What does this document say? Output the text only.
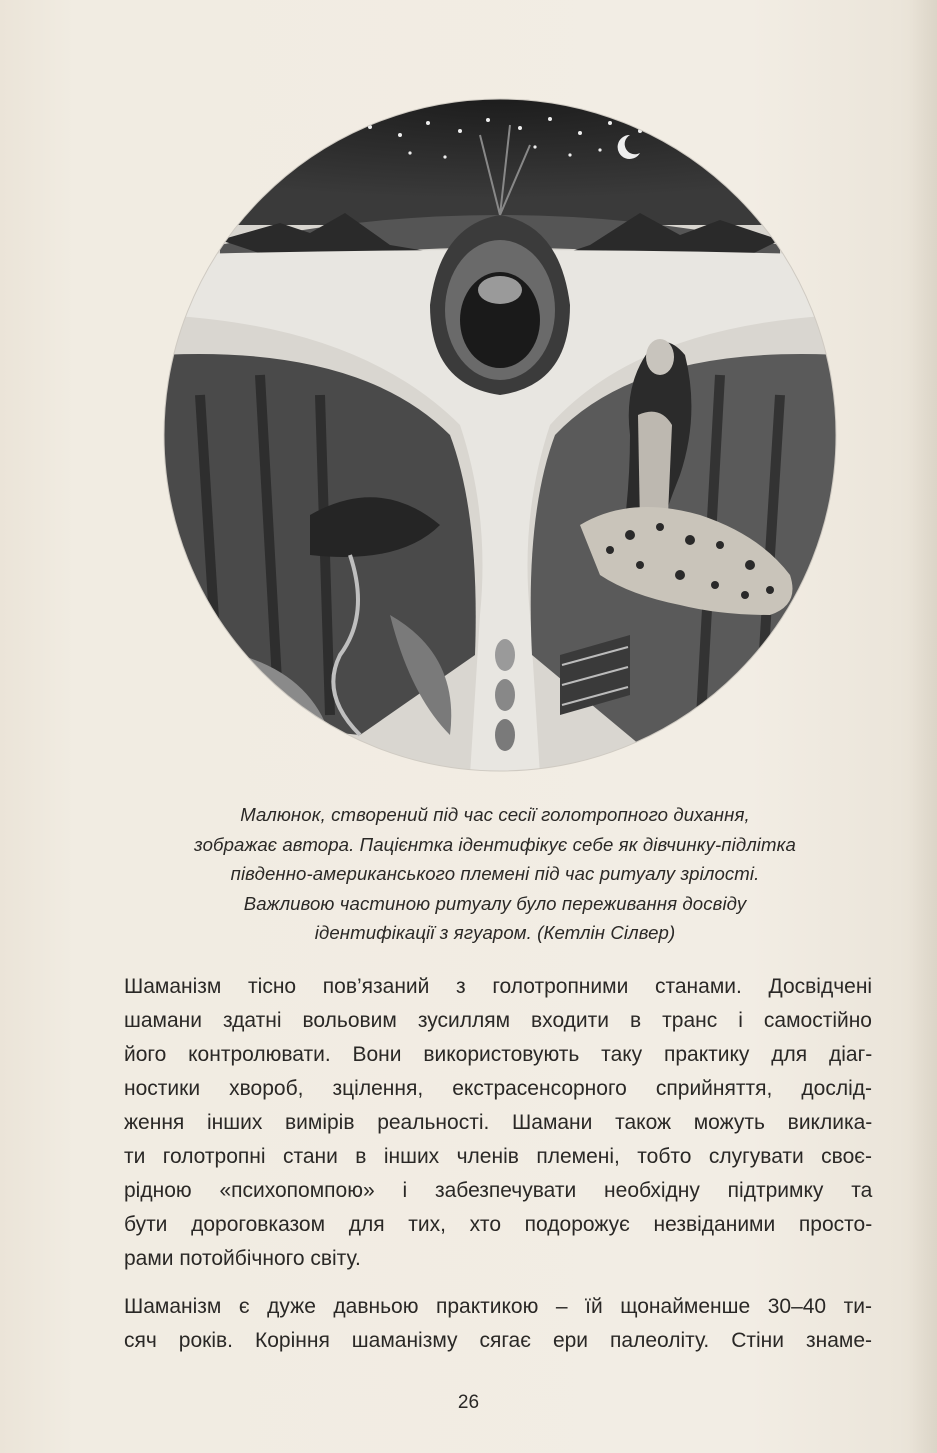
Малюнок, створений під час сесії голотропного дихання,
зображає автора. Пацієнтка ідентифікує себе як дівчинку-підлітка
південно-американського племені під час ритуалу зрілості.
Важливою частиною ритуалу було переживання досвіду
ідентифікації з ягуаром. (Кетлін Сілвер)
Шаманізм тісно пов’язаний з голотропними станами. Досвідчені
шамани здатні вольовим зусиллям входити в транс і самостійно
його контролювати. Вони використовують таку практику для діаг-
ностики хвороб, зцілення, екстрасенсорного сприйняття, дослід-
ження інших вимірів реальності. Шамани також можуть виклика-
ти голотропні стани в інших членів племені, тобто слугувати своє-
рідною «психопомпою» і забезпечувати необхідну підтримку та
бути дороговказом для тих, хто подорожує незвіданими просто-
рами потойбічного світу.
Шаманізм є дуже давньою практикою – їй щонайменше 30–40 ти-
сяч років. Коріння шаманізму сягає ери палеоліту. Стіни знаме-
26
